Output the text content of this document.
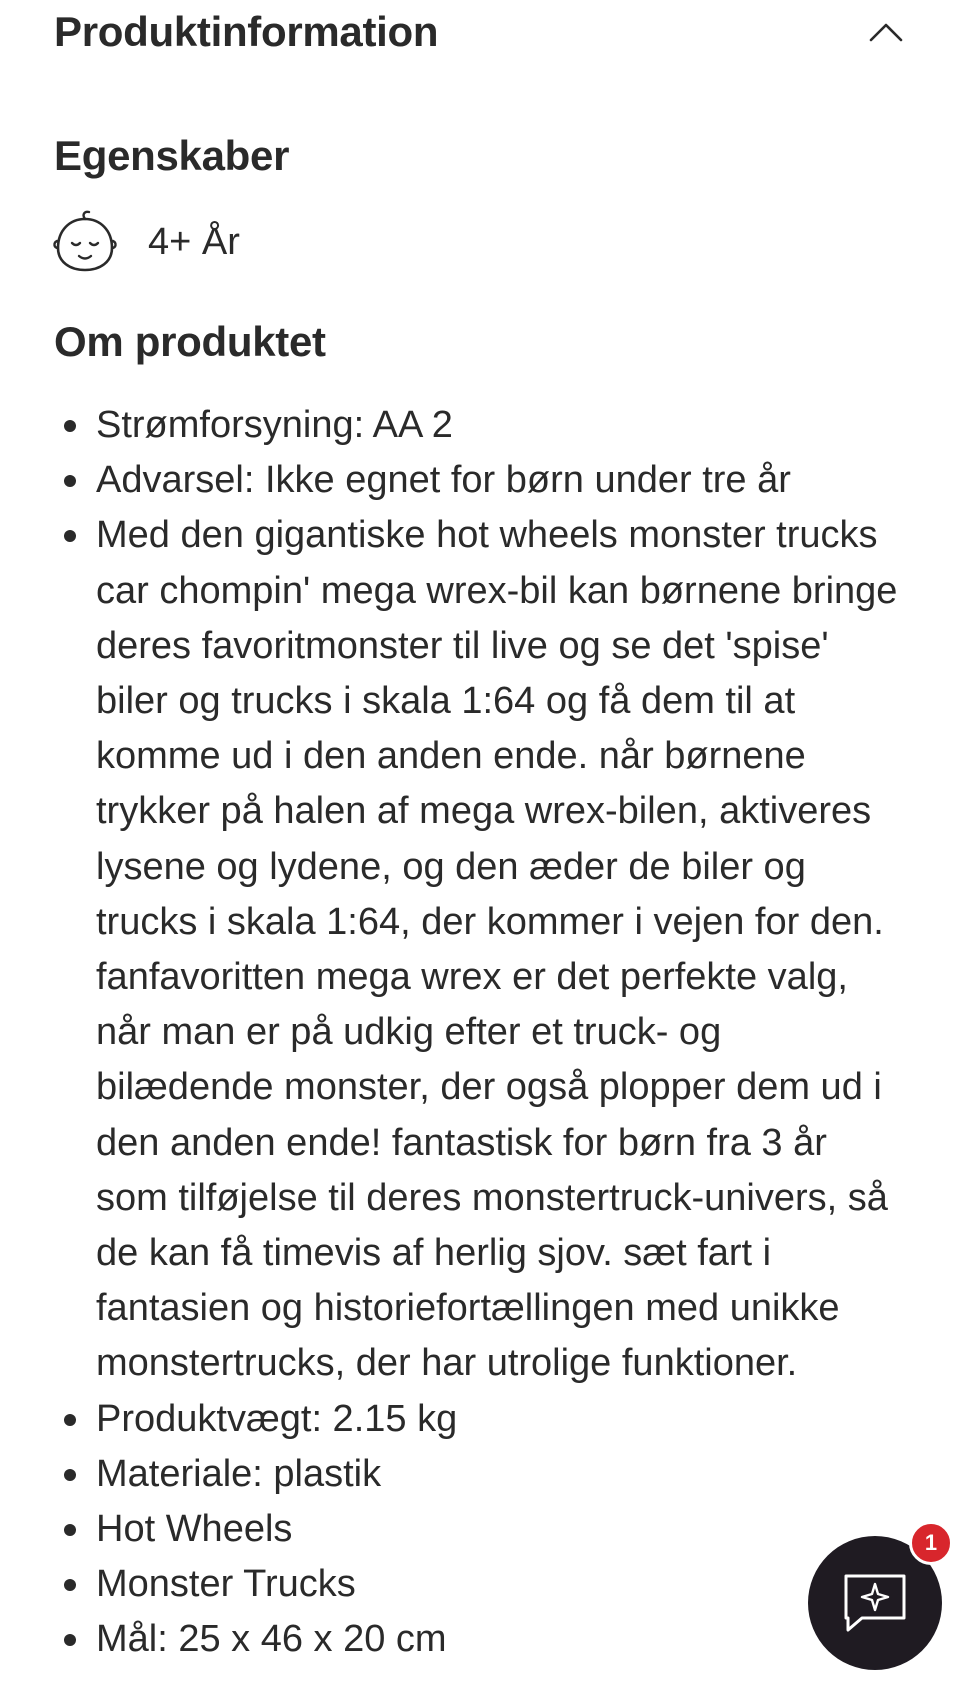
Produktinformation
Egenskaber
4+ År
Om produktet
Strømforsyning: AA 2
Advarsel: Ikke egnet for børn under tre år
Med den gigantiske hot wheels monster trucks car chompin' mega wrex-bil kan børnene bringe deres favoritmonster til live og se det 'spise' biler og trucks i skala 1:64 og få dem til at komme ud i den anden ende. når børnene trykker på halen af mega wrex-bilen, aktiveres lysene og lydene, og den æder de biler og trucks i skala 1:64, der kommer i vejen for den. fanfavoritten mega wrex er det perfekte valg, når man er på udkig efter et truck- og bilædende monster, der også plopper dem ud i den anden ende! fantastisk for børn fra 3 år som tilføjelse til deres monstertruck-univers, så de kan få timevis af herlig sjov. sæt fart i fantasien og historiefortællingen med unikke monstertrucks, der har utrolige funktioner.
Produktvægt: 2.15 kg
Materiale: plastik
Hot Wheels
Monster Trucks
Mål: 25 x 46 x 20 cm
1
